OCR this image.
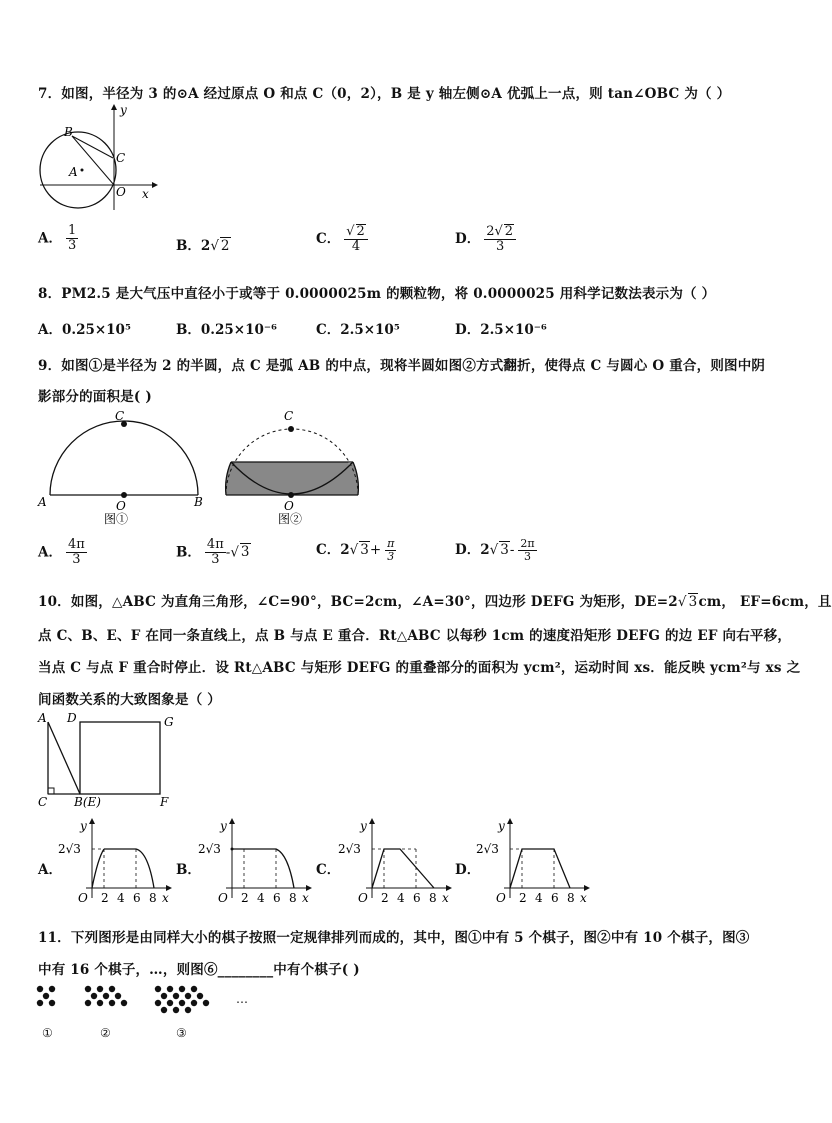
7．如图，半径为 3 的⊙A 经过原点 O 和点 C（0，2），B 是 y 轴左侧⊙A 优弧上一点，则 tan∠OBC 为（ ）
y
x
B
C
A
O
A． $\frac{1}{3}$	B．2√ 2	C． $\frac{√ 2}{4}$	D． $\frac{2√ 2}{3}$
8．PM2.5 是大气压中直径小于或等于 0.0000025m 的颗粒物，将 0.0000025 用科学记数法表示为（ ）
A．0.25×10⁵	B．0.25×10⁻⁶	C．2.5×10⁵	D．2.5×10⁻⁶
9．如图①是半径为 2 的半圆，点 C 是弧 AB 的中点，现将半圆如图②方式翻折，使得点 C 与圆心 O 重合，则图中阴
影部分的面积是( )
C
A	O	B
图①
C
O
图②
A． $\frac{4\pi}{3}$	B． $\frac{4\pi}{3}$ -√ 3	C．2√ $3+ \frac{\pi}{3}$	D．2√ $3- \frac{2\pi}{3}$
10．如图，△ABC 为直角三角形，∠C=90°，BC=2cm，∠A=30°，四边形 DEFG 为矩形，DE=2√ 3cm， EF=6cm，且
点 C、B、E、F 在同一条直线上，点 B 与点 E 重合．Rt△ABC 以每秒 1cm 的速度沿矩形 DEFG 的边 EF 向右平移，
当点 C 与点 F 重合时停止．设 Rt△ABC 与矩形 DEFG 的重叠部分的面积为 ycm²，运动时间 xs．能反映 ycm²与 xs 之
间函数关系的大致图象是（ ）
A D	G
C B(E)	F
A．	B．	C．	D．
y
2√3
O	x
2 4 6 8
y
2√3
O	x
2 4 6 8
y
2√3
O	x
2 4 6 8
y
2√3
O	x
2 4 6 8
11．下列图形是由同样大小的棋子按照一定规律排列而成的，其中，图①中有 5 个棋子，图②中有 10 个棋子，图③
中有 16 个棋子，…，则图⑥________中有个棋子( )
…
①	②	③
